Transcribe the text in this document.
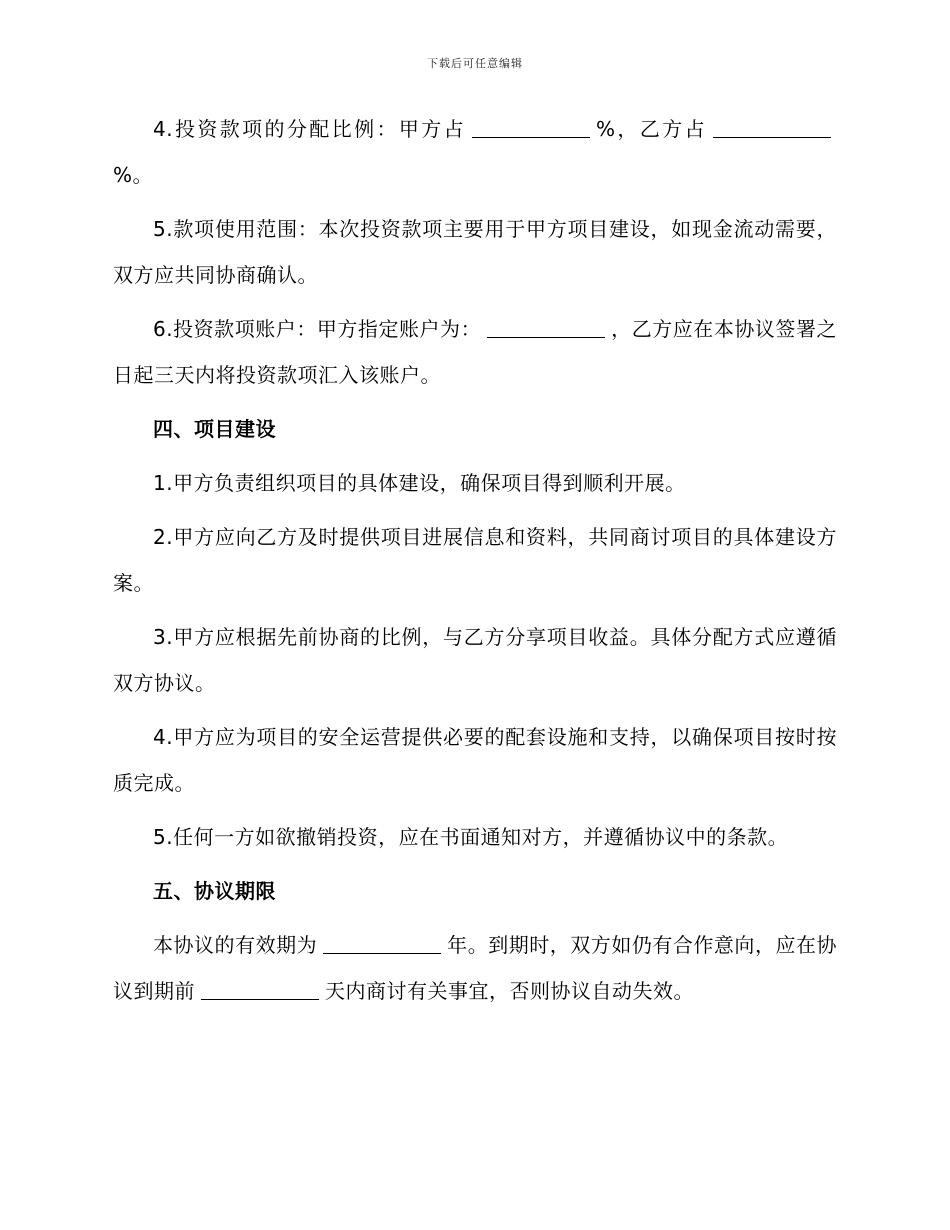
下载后可任意编辑

4.投资款项的分配比例：甲方占	%，乙方占%。

5.款项使用范围：本次投资款项主要用于甲方项目建设，如现金流动需要，双方应共同协商确认。

6.投资款项账户：甲方指定账户为：	，乙方应在本协议签署之日起三天内将投资款项汇入该账户。

四、项目建设

1.甲方负责组织项目的具体建设，确保项目得到顺利开展。

2.甲方应向乙方及时提供项目进展信息和资料，共同商讨项目的具体建设方案。

3.甲方应根据先前协商的比例，与乙方分享项目收益。具体分配方式应遵循双方协议。

4.甲方应为项目的安全运营提供必要的配套设施和支持，以确保项目按时按质完成。

5.任何一方如欲撤销投资，应在书面通知对方，并遵循协议中的条款。

五、协议期限

本协议的有效期为	年。到期时，双方如仍有合作意向，应在协议到期前	天内商讨有关事宜，否则协议自动失效。
